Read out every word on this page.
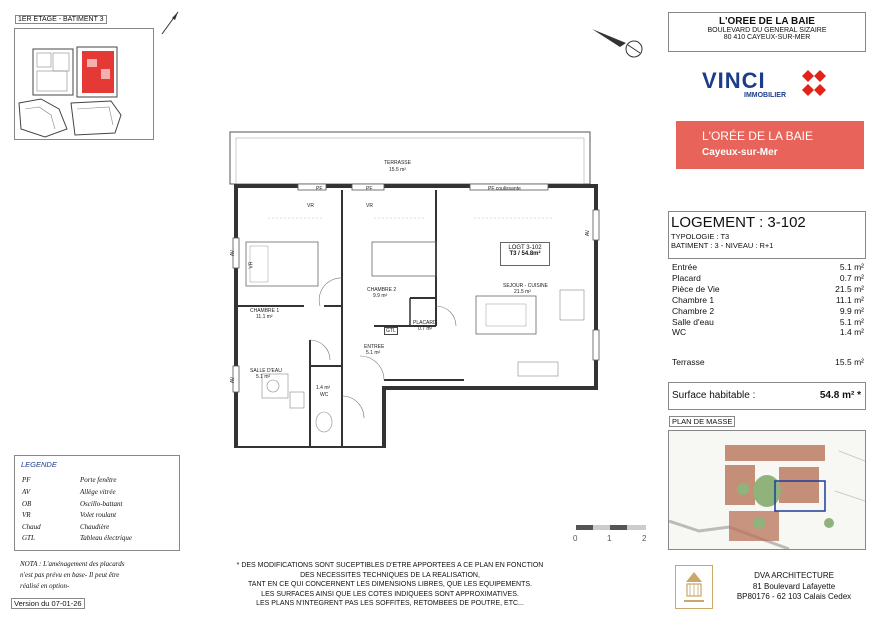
1ER ETAGE - BATIMENT 3	L'OREE DE LA BAIE
BOULEVARD DU GENERAL SIZAIRE
80 410 CAYEUX-SUR-MER
VINCI
IMMOBILIER
L'ORÉE DE LA BAIE
Cayeux-sur-Mer
LOGEMENT : 3-102
TYPOLOGIE : T3
BATIMENT : 3 - NIVEAU : R+1
Entrée	5.1 m²
Placard	0.7 m²
Pièce de Vie	21.5 m²
Chambre 1	11.1 m²
Chambre 2	9.9 m²
Salle d'eau	5.1 m²
WC	1.4 m²
Terrasse	15.5 m²
Surface habitable :	54.8 m² *
PLAN DE MASSE
TERRASSE
15.5 m²
PF	PF	PF coulissante
VR	VR
VR
AV
AV
AV
LOGT 3-102
T3 / 54.8m²
CHAMBRE 1
11.1 m²
CHAMBRE 2
9.9 m²
SEJOUR - CUISINE
21.5 m²
ENTREE
5.1 m²
PLACARD
0.7 m²
GTL
SALLE D'EAU
5.1 m²
1.4 m²
WC
0	1	2
LEGENDE
PF	Porte fenêtre
AV	Allège vitrée
OB	Oscillo-battant
VR	Volet roulant
Chaud	Chaudière
GTL	Tableau électrique
NOTA : L'aménagement des placards
n'est pas prévu en base- Il peut être
réalisé en option-
Version du 07-01-26
* DES MODIFICATIONS SONT SUCEPTIBLES D'ETRE APPORTEES A CE PLAN EN FONCTION
DES NECESSITES TECHNIQUES DE LA REALISATION,
TANT EN CE QUI CONCERNENT LES DIMENSIONS LIBRES, QUE LES EQUIPEMENTS.
LES SURFACES AINSI QUE LES COTES INDIQUEES SONT APPROXIMATIVES.
LES PLANS N'INTEGRENT PAS LES SOFFITES, RETOMBEES DE POUTRE, ETC...
DVA ARCHITECTURE
81 Boulevard Lafayette
BP80176 - 62 103 Calais Cedex
